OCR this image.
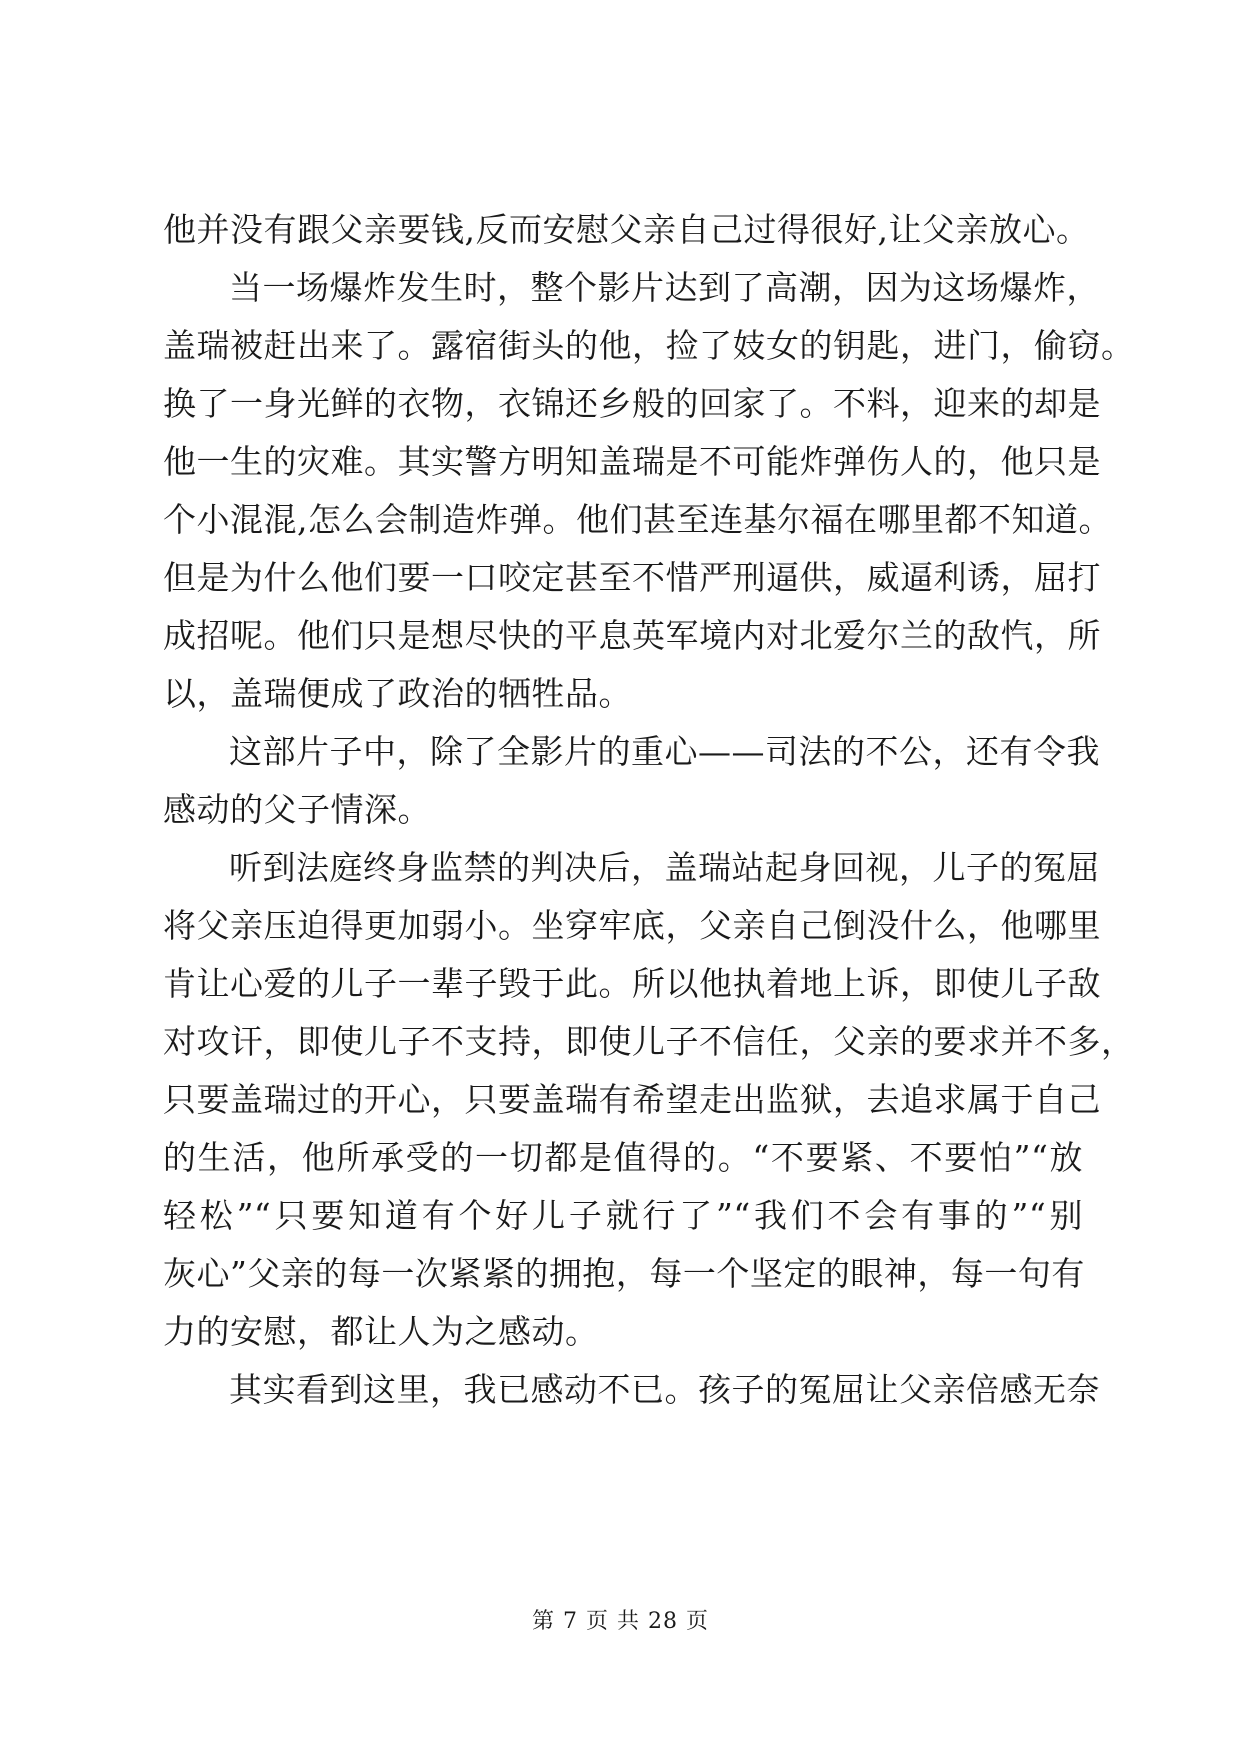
他并没有跟父亲要钱,反而安慰父亲自己过得很好,让父亲放心。
当一场爆炸发生时，整个影片达到了高潮，因为这场爆炸，
盖瑞被赶出来了。露宿街头的他，捡了妓女的钥匙，进门，偷窃。
换了一身光鲜的衣物，衣锦还乡般的回家了。不料，迎来的却是
他一生的灾难。其实警方明知盖瑞是不可能炸弹伤人的，他只是
个小混混,怎么会制造炸弹。他们甚至连基尔福在哪里都不知道。
但是为什么他们要一口咬定甚至不惜严刑逼供，威逼利诱，屈打
成招呢。他们只是想尽快的平息英军境内对北爱尔兰的敌忾，所
以，盖瑞便成了政治的牺牲品。
这部片子中，除了全影片的重心——司法的不公，还有令我
感动的父子情深。
听到法庭终身监禁的判决后，盖瑞站起身回视，儿子的冤屈
将父亲压迫得更加弱小。坐穿牢底，父亲自己倒没什么，他哪里
肯让心爱的儿子一辈子毁于此。所以他执着地上诉，即使儿子敌
对攻讦，即使儿子不支持，即使儿子不信任，父亲的要求并不多，
只要盖瑞过的开心，只要盖瑞有希望走出监狱，去追求属于自己
的生活，他所承受的一切都是值得的。“不要紧、不要怕”“放
轻松”“只要知道有个好儿子就行了”“我们不会有事的”“别
灰心”父亲的每一次紧紧的拥抱，每一个坚定的眼神，每一句有
力的安慰，都让人为之感动。
其实看到这里，我已感动不已。孩子的冤屈让父亲倍感无奈
第 7 页 共 28 页
